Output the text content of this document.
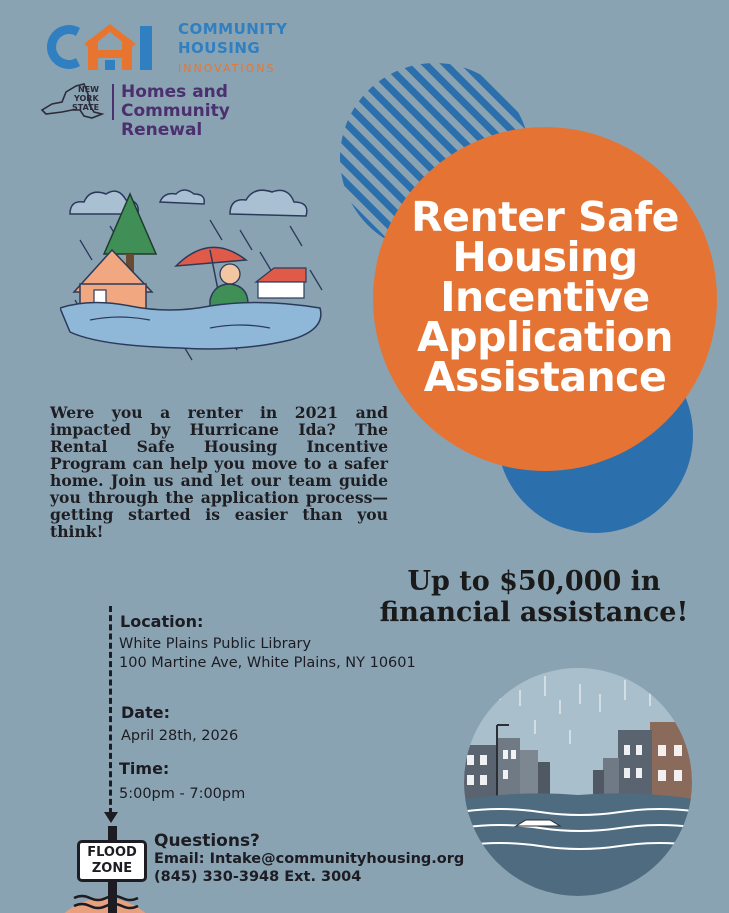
COMMUNITY
HOUSING
INNOVATIONS
NEW
YORK
STATE
Homes and
Community Renewal
Renter Safe
Housing
Incentive
Application
Assistance
Were you a renter in 2021 and impacted by Hurricane Ida? The Rental Safe Housing Incentive Program can help you move to a safer home. Join us and let our team guide you through the application process—getting started is easier than you think!
Up to $50,000 in
financial assistance!
Location:
White Plains Public Library
100 Martine Ave, White Plains, NY 10601
Date:
April 28th, 2026
Time:
5:00pm - 7:00pm
FLOOD
ZONE
Questions?
Email: Intake@communityhousing.org
(845) 330-3948 Ext. 3004
